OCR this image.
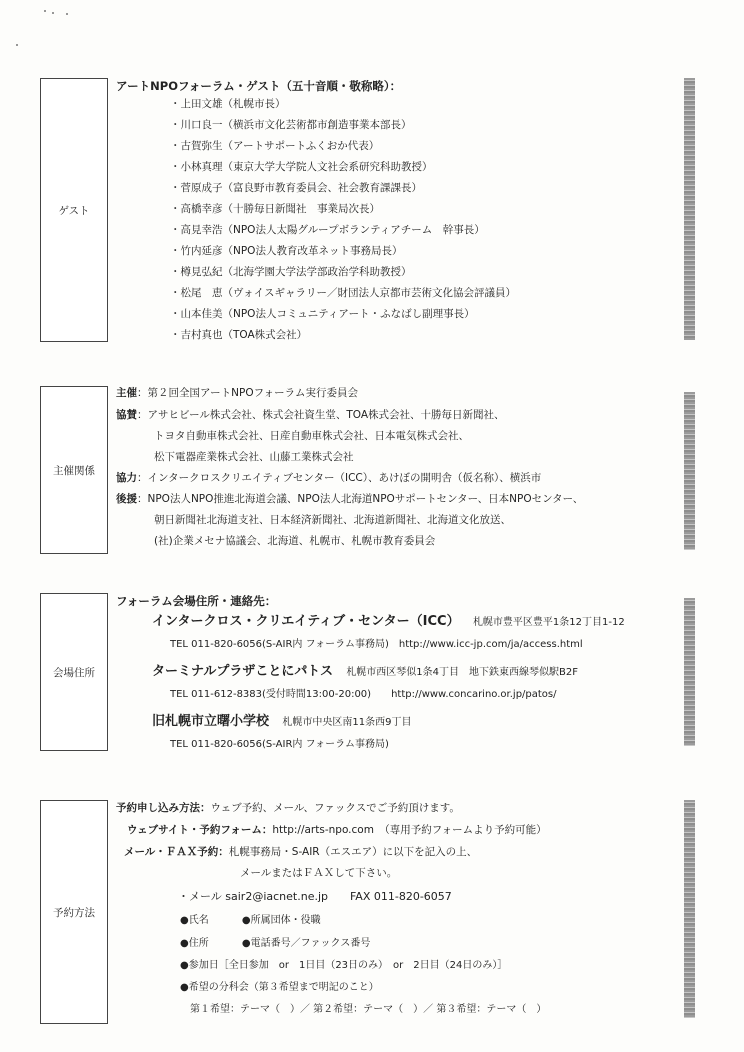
ゲスト
アートNPOフォーラム・ゲスト（五十音順・敬称略）：
・上田文雄（札幌市長）
・川口良一（横浜市文化芸術都市創造事業本部長）
・古賀弥生（アートサポートふくおか代表）
・小林真理（東京大学大学院人文社会系研究科助教授）
・菅原成子（富良野市教育委員会、社会教育課課長）
・高橋幸彦（十勝毎日新聞社　事業局次長）
・高見幸浩（NPO法人太陽グループボランティアチーム　幹事長）
・竹内延彦（NPO法人教育改革ネット事務局長）
・樽見弘紀（北海学園大学法学部政治学科助教授）
・松尾　恵（ヴォイスギャラリー／財団法人京都市芸術文化協会評議員）
・山本佳美（NPO法人コミュニティアート・ふなばし副理事長）
・吉村真也（TOA株式会社）
主催関係
主催：第２回全国アートNPOフォーラム実行委員会
協賛：アサヒビール株式会社、株式会社資生堂、TOA株式会社、十勝毎日新聞社、
トヨタ自動車株式会社、日産自動車株式会社、日本電気株式会社、
松下電器産業株式会社、山藤工業株式会社
協力：インタークロスクリエイティブセンター（ICC）、あけぼの開明舎（仮名称）、横浜市
後援：NPO法人NPO推進北海道会議、NPO法人北海道NPOサポートセンター、日本NPOセンター、
朝日新聞社北海道支社、日本経済新聞社、北海道新聞社、北海道文化放送、
(社)企業メセナ協議会、北海道、札幌市、札幌市教育委員会
会場住所
フォーラム会場住所・連絡先：
インタークロス・クリエイティブ・センター（ICC） 札幌市豊平区豊平1条12丁目1-12
TEL 011-820-6056(S-AIR内 フォーラム事務局)　http://www.icc-jp.com/ja/access.html
ターミナルプラザことにパトス 札幌市西区琴似1条4丁目　地下鉄東西線琴似駅B2F
TEL 011-612-8383(受付時間13:00-20:00)　　http://www.concarino.or.jp/patos/
旧札幌市立曙小学校 札幌市中央区南11条西9丁目
TEL 011-820-6056(S-AIR内 フォーラム事務局)
予約方法
予約申し込み方法：ウェブ予約、メール、ファックスでご予約頂けます。
ウェブサイト・予約フォーム：http://arts-npo.com　（専用予約フォームより予約可能）
メール・ＦＡＸ予約：札幌事務局・S-AIR（エスエア）に以下を記入の上、
メールまたはＦＡＸして下さい。
・メール sair2@iacnet.ne.jp　　FAX 011-820-6057
●氏名	●所属団体・役職
●住所	●電話番号／ファックス番号
●参加日［全日参加　or　1日目（23日のみ）　or　2日目（24日のみ）］
●希望の分科会（第３希望まで明記のこと）
第１希望：テーマ（　）／ 第２希望：テーマ（　）／ 第３希望：テーマ（　）
